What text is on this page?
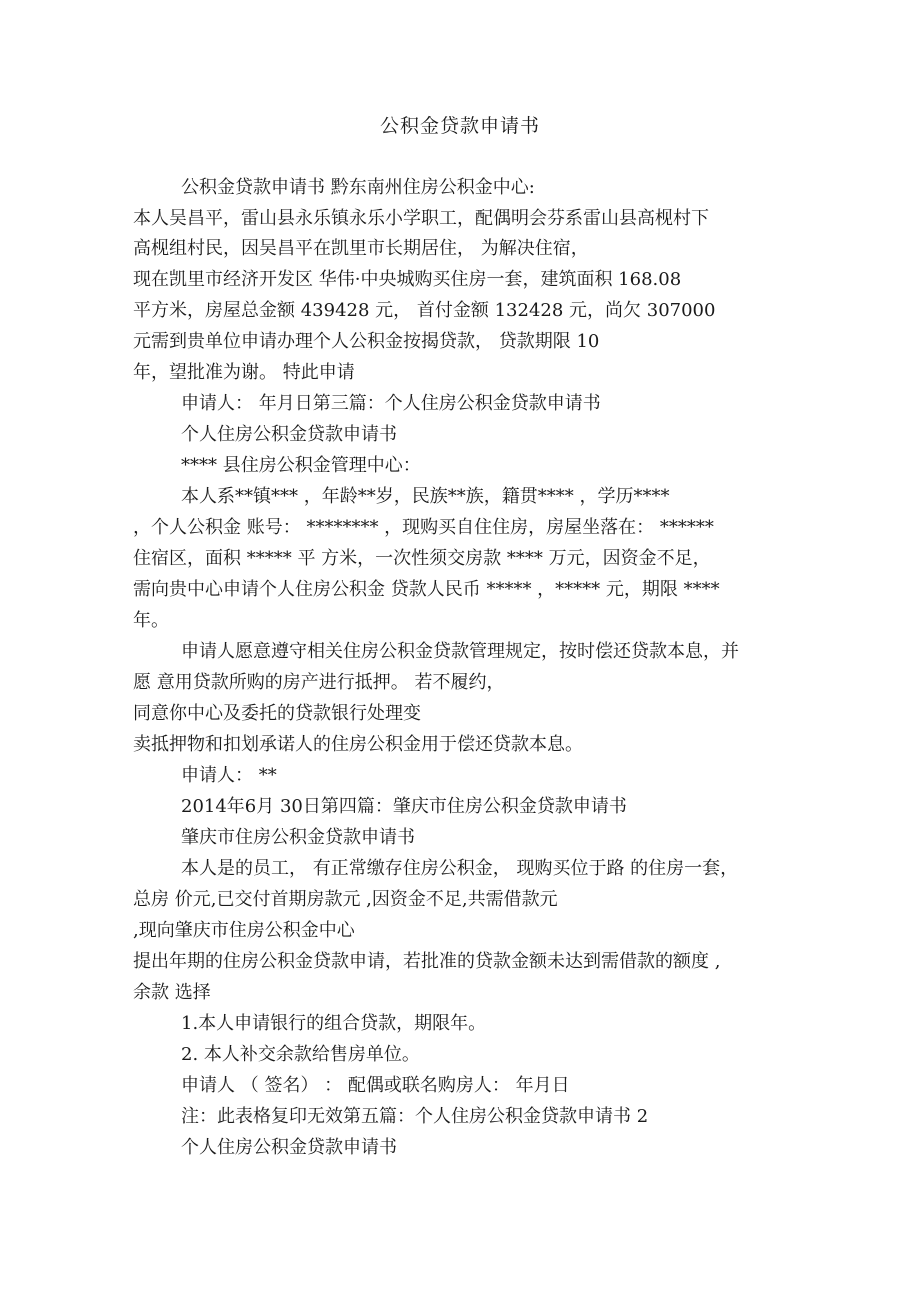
公积金贷款申请书
公积金贷款申请书 黔东南州住房公积金中心:
本人吴昌平，雷山县永乐镇永乐小学职工，配偶明会芬系雷山县高枧村下
高枧组村民，因吴昌平在凯里市长期居住， 为解决住宿，
现在凯里市经济开发区 华伟·中央城购买住房一套，建筑面积 168.08
平方米，房屋总金额 439428 元， 首付金额 132428 元，尚欠 307000
元需到贵单位申请办理个人公积金按揭贷款， 贷款期限 10
年，望批准为谢。 特此申请
申请人： 年月日第三篇：个人住房公积金贷款申请书
个人住房公积金贷款申请书
**** 县住房公积金管理中心：
本人系**镇*** ，年龄**岁，民族**族，籍贯**** ，学历****
，个人公积金 账号： ******** ，现购买自住住房，房屋坐落在： ******
住宿区，面积 ***** 平 方米，一次性须交房款 **** 万元，因资金不足，
需向贵中心申请个人住房公积金 贷款人民币 ***** ，***** 元，期限 ****
年。
申请人愿意遵守相关住房公积金贷款管理规定，按时偿还贷款本息，并
愿 意用贷款所购的房产进行抵押。 若不履约，
同意你中心及委托的贷款银行处理变
卖抵押物和扣划承诺人的住房公积金用于偿还贷款本息。
申请人： **
2014年6月 30日第四篇：肇庆市住房公积金贷款申请书
肇庆市住房公积金贷款申请书
本人是的员工， 有正常缴存住房公积金， 现购买位于路 的住房一套，
总房 价元,已交付首期房款元 ,因资金不足,共需借款元
,现向肇庆市住房公积金中心
提出年期的住房公积金贷款申请，若批准的贷款金额未达到需借款的额度 ,
余款 选择
1.本人申请银行的组合贷款，期限年。
2. 本人补交余款给售房单位。
申请人 （ 签名） ： 配偶或联名购房人： 年月日
注：此表格复印无效第五篇：个人住房公积金贷款申请书 2
个人住房公积金贷款申请书
